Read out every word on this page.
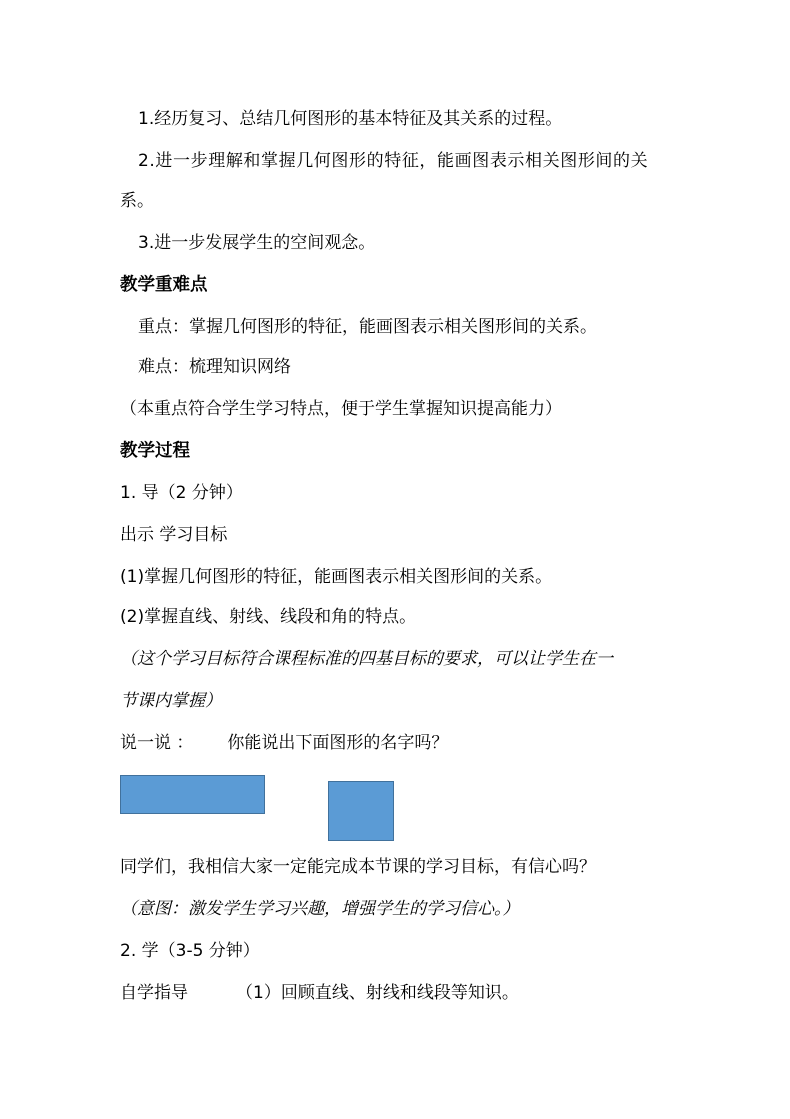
1.经历复习、总结几何图形的基本特征及其关系的过程。
2.进一步理解和掌握几何图形的特征，能画图表示相关图形间的关
系。
3.进一步发展学生的空间观念。
教学重难点
重点：掌握几何图形的特征，能画图表示相关图形间的关系。
难点：梳理知识网络
（本重点符合学生学习特点，便于学生掌握知识提高能力）
教学过程
1. 导（2 分钟）
出示 学习目标
(1)掌握几何图形的特征，能画图表示相关图形间的关系。
(2)掌握直线、射线、线段和角的特点。
（这个学习目标符合课程标准的四基目标的要求，可以让学生在一
节课内掌握）
说一说 ： 你能说出下面图形的名字吗？
同学们，我相信大家一定能完成本节课的学习目标，有信心吗？
（意图：激发学生学习兴趣，增强学生的学习信心。）
2. 学（3-5 分钟）
自学指导	（1）回顾直线、射线和线段等知识。
